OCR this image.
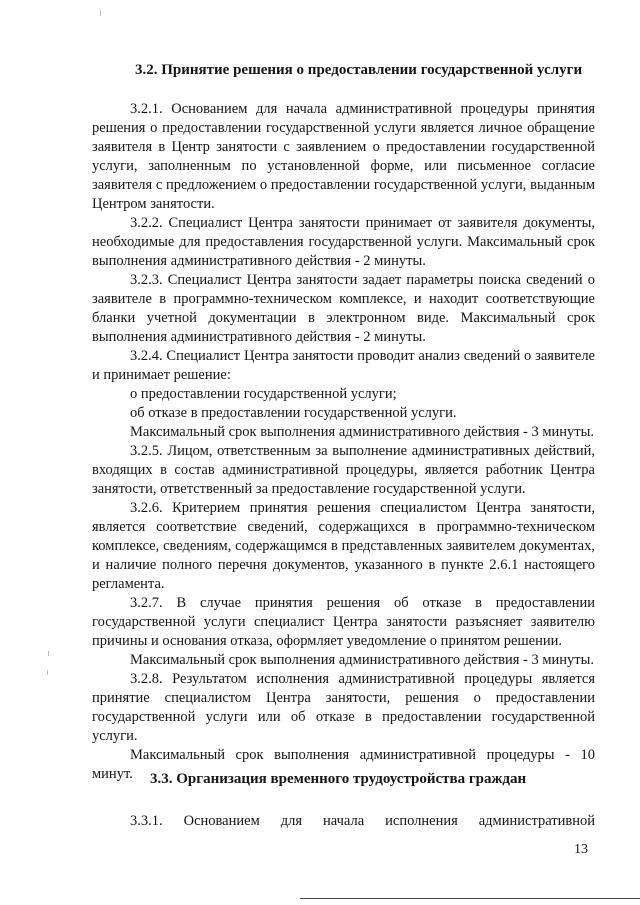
3.2. Принятие решения о предоставлении государственной услуги

3.2.1. Основанием для начала административной процедуры принятия решения о предоставлении государственной услуги является личное обращение заявителя в Центр занятости с заявлением о предоставлении государственной услуги, заполненным по установленной форме, или письменное согласие заявителя с предложением о предоставлении государственной услуги, выданным Центром занятости.

3.2.2. Специалист Центра занятости принимает от заявителя документы, необходимые для предоставления государственной услуги. Максимальный срок выполнения административного действия - 2 минуты.

3.2.3. Специалист Центра занятости задает параметры поиска сведений о заявителе в программно-техническом комплексе, и находит соответствующие бланки учетной документации в электронном виде. Максимальный срок выполнения административного действия - 2 минуты.

3.2.4. Специалист Центра занятости проводит анализ сведений о заявителе и принимает решение:

о предоставлении государственной услуги;

об отказе в предоставлении государственной услуги.

Максимальный срок выполнения административного действия - 3 минуты.

3.2.5. Лицом, ответственным за выполнение административных действий, входящих в состав административной процедуры, является работник Центра занятости, ответственный за предоставление государственной услуги.

3.2.6. Критерием принятия решения специалистом Центра занятости, является соответствие сведений, содержащихся в программно-техническом комплексе, сведениям, содержащимся в представленных заявителем документах, и наличие полного перечня документов, указанного в пункте 2.6.1 настоящего регламента.

3.2.7. В случае принятия решения об отказе в предоставлении государственной услуги специалист Центра занятости разъясняет заявителю причины и основания отказа, оформляет уведомление о принятом решении.

Максимальный срок выполнения административного действия - 3 минуты.

3.2.8. Результатом исполнения административной процедуры является принятие специалистом Центра занятости, решения о предоставлении государственной услуги или об отказе в предоставлении государственной услуги.

Максимальный срок выполнения административной процедуры - 10 минут.	3.3. Организация временного трудоустройства граждан

3.3.1. Основанием для начала исполнения административной

13
